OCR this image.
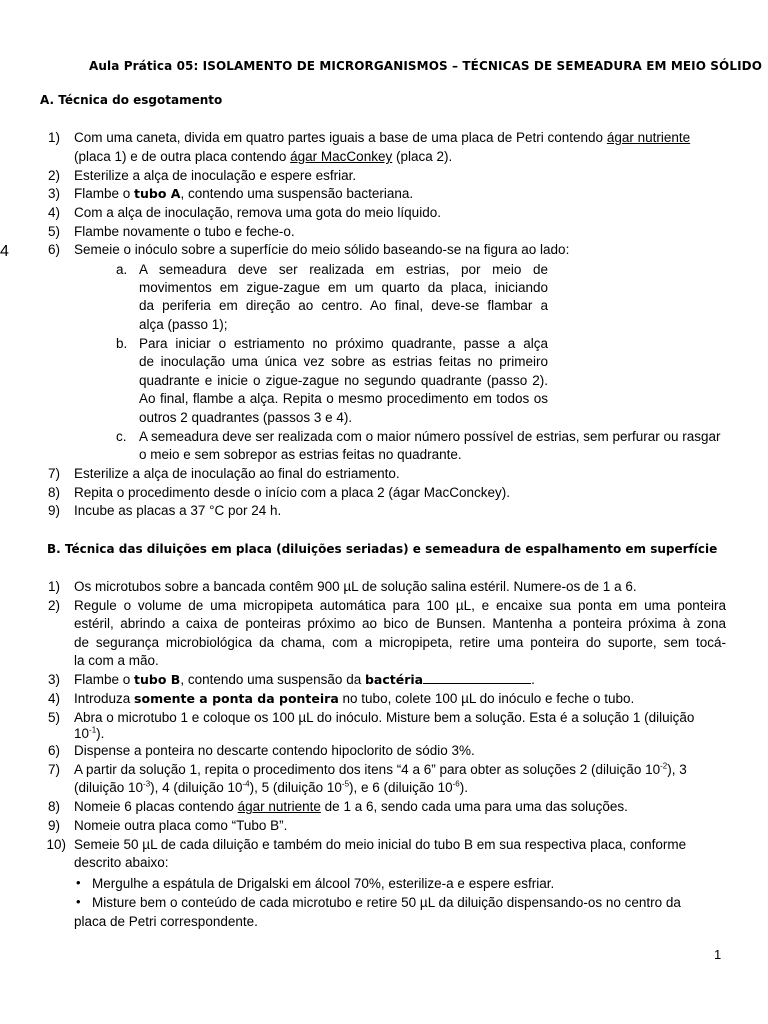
Aula Prática 05: ISOLAMENTO DE MICRORGANISMOS – TÉCNICAS DE SEMEADURA EM MEIO SÓLIDO
4
A. Técnica do esgotamento
1) Com uma caneta, divida em quatro partes iguais a base de uma placa de Petri contendo ágar nutriente
(placa 1) e de outra placa contendo ágar MacConkey (placa 2).
2) Esterilize a alça de inoculação e espere esfriar.
3) Flambe o tubo A, contendo uma suspensão bacteriana.
4) Com a alça de inoculação, remova uma gota do meio líquido.
5) Flambe novamente o tubo e feche-o.
6) Semeie o inóculo sobre a superfície do meio sólido baseando-se na figura ao lado:
a. A semeadura deve ser realizada em estrias, por meio de
movimentos em zigue-zague em um quarto da placa, iniciando
da periferia em direção ao centro. Ao final, deve-se flambar a
alça (passo 1);
b. Para iniciar o estriamento no próximo quadrante, passe a alça
de inoculação uma única vez sobre as estrias feitas no primeiro
quadrante e inicie o zigue-zague no segundo quadrante (passo 2).
Ao final, flambe a alça. Repita o mesmo procedimento em todos os
outros 2 quadrantes (passos 3 e 4).
c. A semeadura deve ser realizada com o maior número possível de estrias, sem perfurar ou rasgar
o meio e sem sobrepor as estrias feitas no quadrante.
7) Esterilize a alça de inoculação ao final do estriamento.
8) Repita o procedimento desde o início com a placa 2 (ágar MacConckey).
9) Incube as placas a 37 °C por 24 h.
B. Técnica das diluições em placa (diluições seriadas) e semeadura de espalhamento em superfície
1) Os microtubos sobre a bancada contêm 900 µL de solução salina estéril. Numere-os de 1 a 6.
2) Regule o volume de uma micropipeta automática para 100 µL, e encaixe sua ponta em uma ponteira
estéril, abrindo a caixa de ponteiras próximo ao bico de Bunsen. Mantenha a ponteira próxima à zona
de segurança microbiológica da chama, com a micropipeta, retire uma ponteira do suporte, sem tocá-
la com a mão.
3) Flambe o tubo B, contendo uma suspensão da bactéria	.
4) Introduza somente a ponta da ponteira no tubo, colete 100 µL do inóculo e feche o tubo.
5) Abra o microtubo 1 e coloque os 100 µL do inóculo. Misture bem a solução. Esta é a solução 1 (diluição
$10^{-1}$).
6) Dispense a ponteira no descarte contendo hipoclorito de sódio 3%.
7) A partir da solução 1, repita o procedimento dos itens “4 a 6” para obter as soluções 2 (diluição $10^{-2}$), 3
(diluição $10^{-3}$), 4 (diluição $10^{-4}$), 5 (diluição $10^{-5}$), e 6 (diluição $10^{-6}$).
8) Nomeie 6 placas contendo ágar nutriente de 1 a 6, sendo cada uma para uma das soluções.
9) Nomeie outra placa como “Tubo B”.
10) Semeie 50 µL de cada diluição e também do meio inicial do tubo B em sua respectiva placa, conforme
descrito abaixo:
• Mergulhe a espátula de Drigalski em álcool 70%, esterilize-a e espere esfriar.
• Misture bem o conteúdo de cada microtubo e retire 50 µL da diluição dispensando-os no centro da
placa de Petri correspondente.
1
